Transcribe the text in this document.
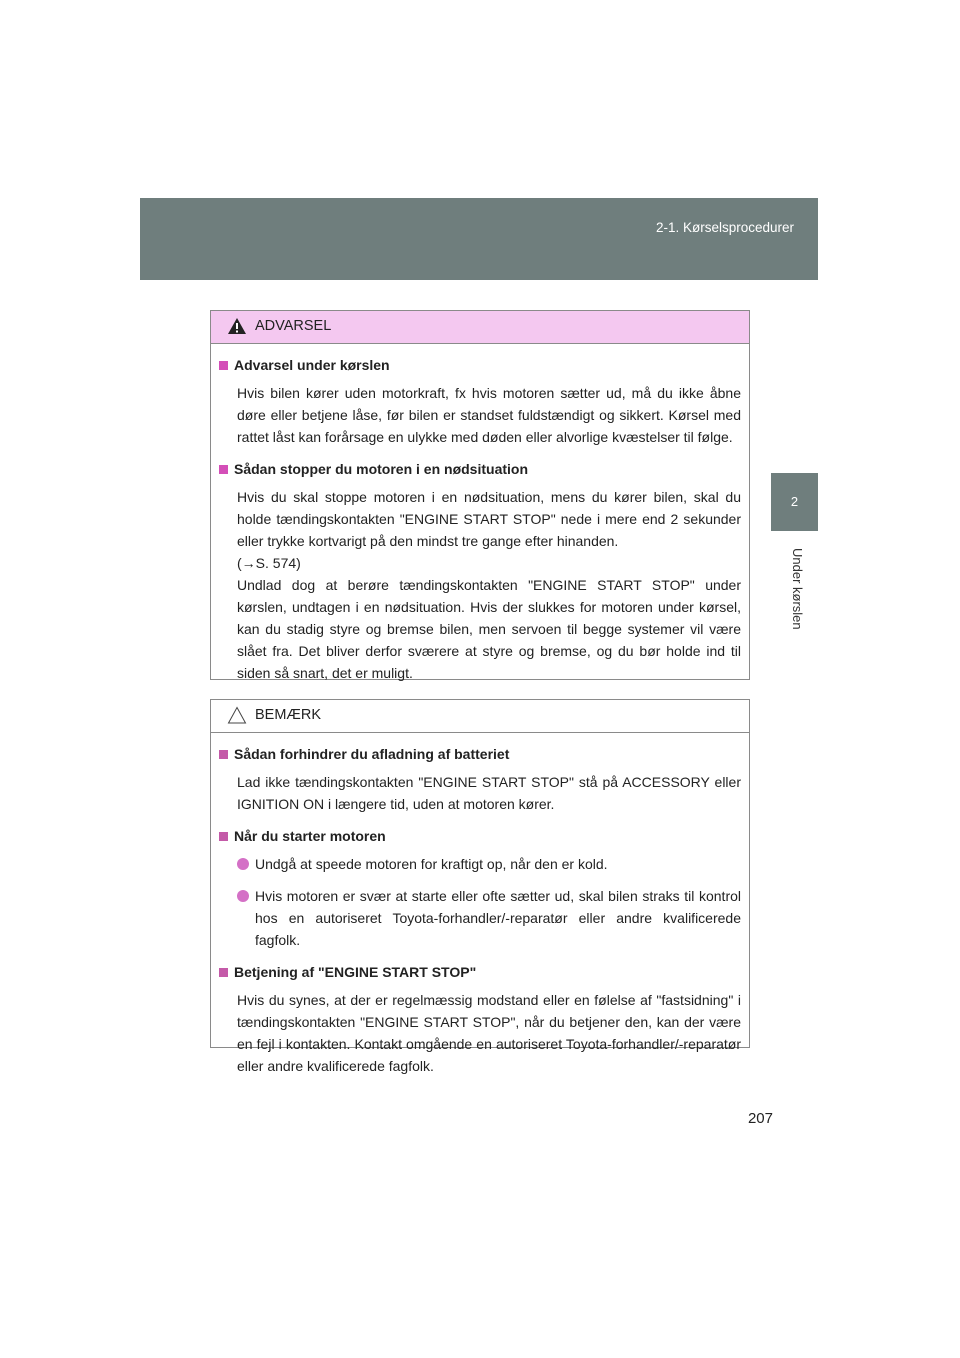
2-1. Kørselsprocedurer
2
Under kørslen
ADVARSEL
Advarsel under kørslen
Hvis bilen kører uden motorkraft, fx hvis motoren sætter ud, må du ikke åbne døre eller betjene låse, før bilen er standset fuldstændigt og sikkert. Kørsel med rattet låst kan forårsage en ulykke med døden eller alvorlige kvæstelser til følge.
Sådan stopper du motoren i en nødsituation
Hvis du skal stoppe motoren i en nødsituation, mens du kører bilen, skal du holde tændingskontakten "ENGINE START STOP" nede i mere end 2 sekunder eller trykke kortvarigt på den mindst tre gange efter hinanden.
(→S. 574)
Undlad dog at berøre tændingskontakten "ENGINE START STOP" under kørslen, undtagen i en nødsituation. Hvis der slukkes for motoren under kørsel, kan du stadig styre og bremse bilen, men servoen til begge systemer vil være slået fra. Det bliver derfor sværere at styre og bremse, og du bør holde ind til siden så snart, det er muligt.
BEMÆRK
Sådan forhindrer du afladning af batteriet
Lad ikke tændingskontakten "ENGINE START STOP" stå på ACCESSORY eller IGNITION ON i længere tid, uden at motoren kører.
Når du starter motoren
Undgå at speede motoren for kraftigt op, når den er kold.
Hvis motoren er svær at starte eller ofte sætter ud, skal bilen straks til kontrol hos en autoriseret Toyota-forhandler/-reparatør eller andre kvalificerede fagfolk.
Betjening af "ENGINE START STOP"
Hvis du synes, at der er regelmæssig modstand eller en følelse af "fastsidning" i tændingskontakten "ENGINE START STOP", når du betjener den, kan der være en fejl i kontakten. Kontakt omgående en autoriseret Toyota-forhandler/-reparatør eller andre kvalificerede fagfolk.
207
